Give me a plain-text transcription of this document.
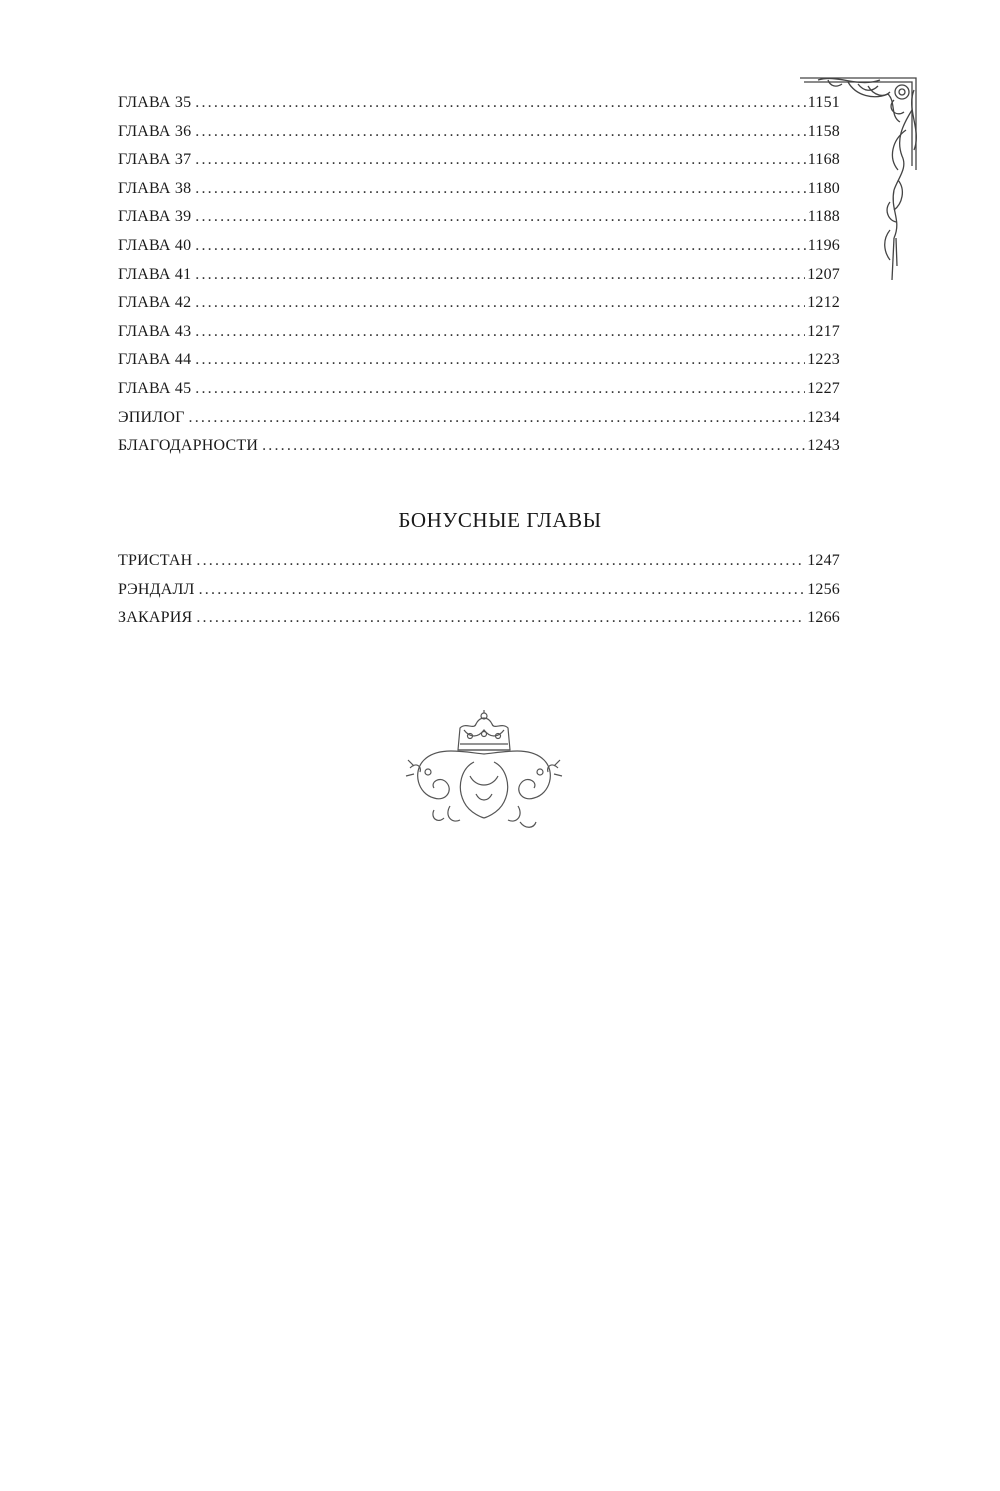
ГЛАВА 35 .....	1151
ГЛАВА 36 .....	1158
ГЛАВА 37 .....	1168
ГЛАВА 38 .....	1180
ГЛАВА 39 .....	1188
ГЛАВА 40 .....	1196
ГЛАВА 41 .....	1207
ГЛАВА 42 .....	1212
ГЛАВА 43 .....	1217
ГЛАВА 44 .....	1223
ГЛАВА 45 .....	1227
ЭПИЛОГ .....	1234
БЛАГОДАРНОСТИ .....	1243
БОНУСНЫЕ ГЛАВЫ
ТРИСТАН .....	1247
РЭНДАЛЛ .....	1256
ЗАКАРИЯ .....	1266
